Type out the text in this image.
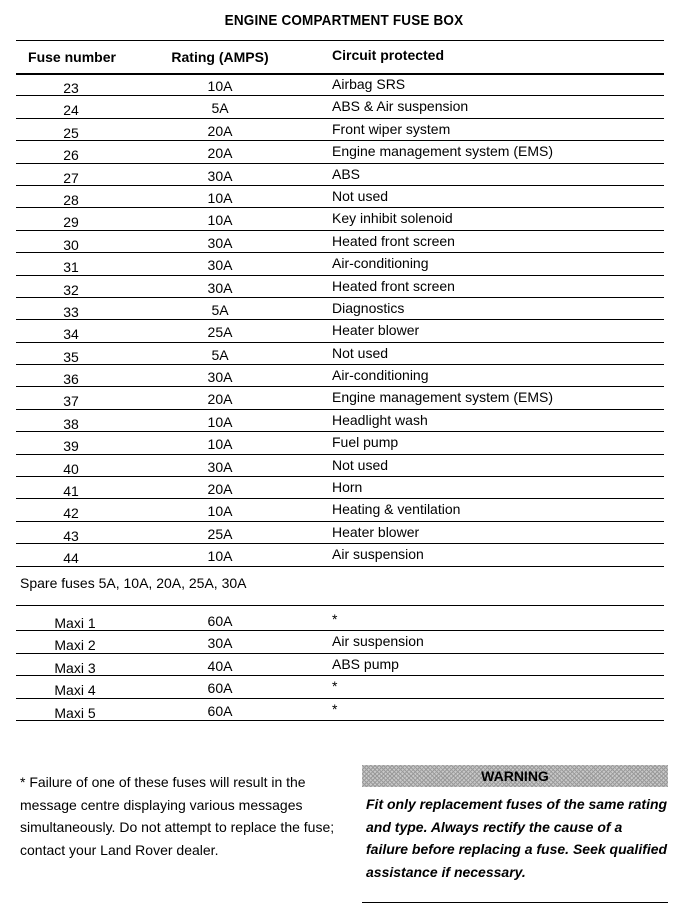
ENGINE COMPARTMENT FUSE BOX
Fuse number	Rating (AMPS)	Circuit protected
23	10A	Airbag SRS
24	5A	ABS & Air suspension
25	20A	Front wiper system
26	20A	Engine management system (EMS)
27	30A	ABS
28	10A	Not used
29	10A	Key inhibit solenoid
30	30A	Heated front screen
31	30A	Air-conditioning
32	30A	Heated front screen
33	5A	Diagnostics
34	25A	Heater blower
35	5A	Not used
36	30A	Air-conditioning
37	20A	Engine management system (EMS)
38	10A	Headlight wash
39	10A	Fuel pump
40	30A	Not used
41	20A	Horn
42	10A	Heating & ventilation
43	25A	Heater blower
44	10A	Air suspension
Spare fuses 5A, 10A, 20A, 25A, 30A
Maxi 1	60A	*
Maxi 2	30A	Air suspension
Maxi 3	40A	ABS pump
Maxi 4	60A	*
Maxi 5	60A	*
* Failure of one of these fuses will result in the message centre displaying various messages simultaneously. Do not attempt to replace the fuse; contact your Land Rover dealer.
WARNING
Fit only replacement fuses of the same rating and type. Always rectify the cause of a failure before replacing a fuse. Seek qualified assistance if necessary.
